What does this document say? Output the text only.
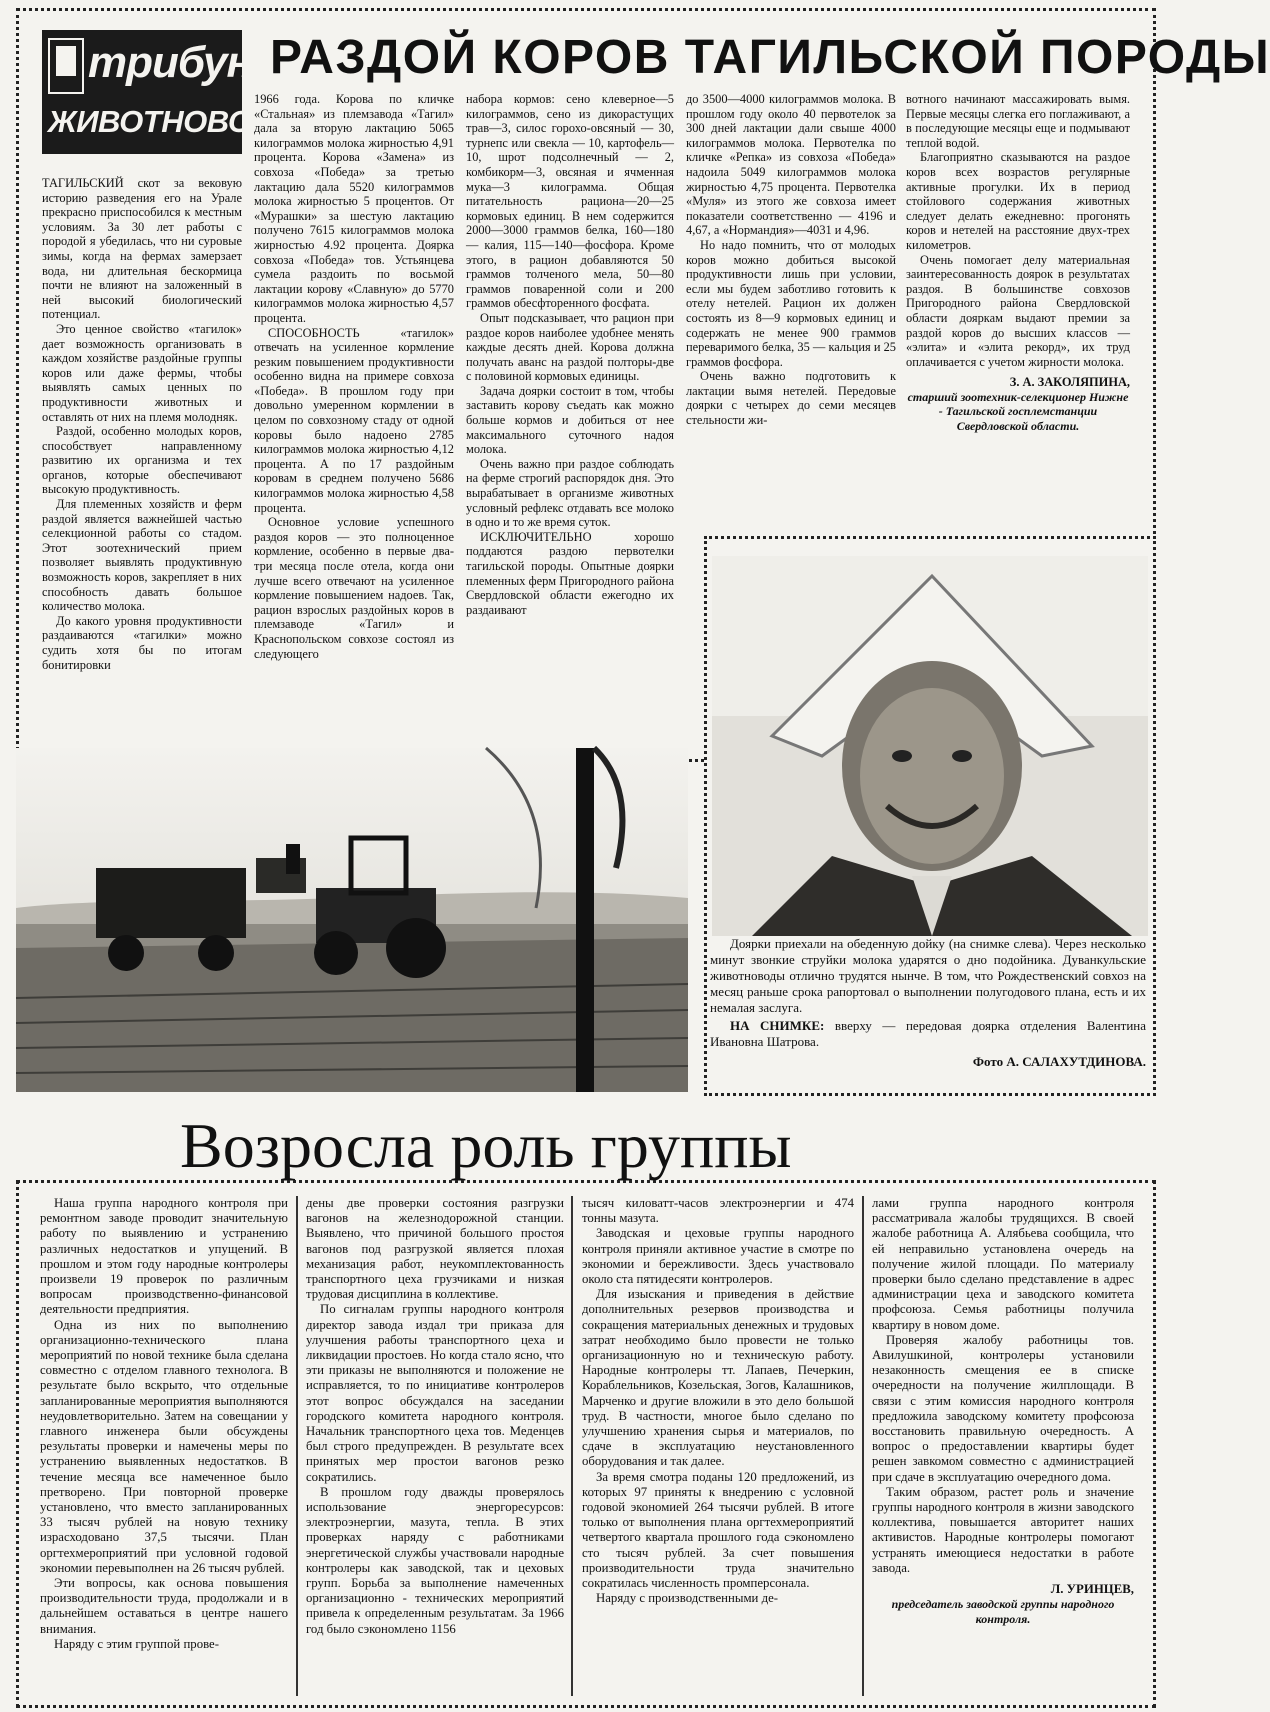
трибуна
ЖИВОТНОВОДА
РАЗДОЙ КОРОВ ТАГИЛЬСКОЙ ПОРОДЫ

ТАГИЛЬСКИЙ скот за вековую историю разведения его на Урале прекрасно приспособился к местным условиям. За 30 лет работы с породой я убедилась, что ни суровые зимы, когда на фермах замерзает вода, ни длительная бескормица почти не влияют на заложенный в ней высокий биологический потенциал.

Это ценное свойство «тагилок» дает возможность организовать в каждом хозяйстве раздойные группы коров или даже фермы, чтобы выявлять самых ценных по продуктивности животных и оставлять от них на племя молодняк.

Раздой, особенно молодых коров, способствует направленному развитию их организма и тех органов, которые обеспечивают высокую продуктивность.

Для племенных хозяйств и ферм раздой является важнейшей частью селекционной работы со стадом. Этот зоотехнический прием позволяет выявлять продуктивную возможность коров, закрепляет в них способность давать большое количество молока.

До какого уровня продуктивности раздаиваются «тагилки» можно судить хотя бы по итогам бонитировки

1966 года. Корова по кличке «Стальная» из племзавода «Тагил» дала за вторую лактацию 5065 килограммов молока жирностью 4,91 процента. Корова «Замена» из совхоза «Победа» за третью лактацию дала 5520 килограммов молока жирностью 5 процентов. От «Мурашки» за шестую лактацию получено 7615 килограммов молока жирностью 4.92 процента. Доярка совхоза «Победа» тов. Устьянцева сумела раздоить по восьмой лактации корову «Славную» до 5770 килограммов молока жирностью 4,57 процента.

СПОСОБНОСТЬ «тагилок» отвечать на усиленное кормление резким повышением продуктивности особенно видна на примере совхоза «Победа». В прошлом году при довольно умеренном кормлении в целом по совхозному стаду от одной коровы было надоено 2785 килограммов молока жирностью 4,12 процента. А по 17 раздойным коровам в среднем получено 5686 килограммов молока жирностью 4,58 процента.

Основное условие успешного раздоя коров — это полноценное кормление, особенно в первые два-три месяца после отела, когда они лучше всего отвечают на усиленное кормление повышением надоев. Так, рацион взрослых раздойных коров в племзаводе «Тагил» и Краснопольском совхозе состоял из следующего

набора кормов: сено клеверное—5 килограммов, сено из дикорастущих трав—3, силос горохо-овсяный — 30, турнепс или свекла — 10, картофель—10, шрот подсолнечный — 2, комбикорм—3, овсяная и ячменная мука—3 килограмма. Общая питательность рациона—20—25 кормовых единиц. В нем содержится 2000—3000 граммов белка, 160—180 — калия, 115—140—фосфора. Кроме этого, в рацион добавляются 50 граммов толченого мела, 50—80 граммов поваренной соли и 200 граммов обесфторенного фосфата.

Опыт подсказывает, что рацион при раздое коров наиболее удобнее менять каждые десять дней. Корова должна получать аванс на раздой полторы-две с половиной кормовых единицы.

Задача доярки состоит в том, чтобы заставить корову съедать как можно больше кормов и добиться от нее максимального суточного надоя молока.

Очень важно при раздое соблюдать на ферме строгий распорядок дня. Это вырабатывает в организме животных условный рефлекс отдавать все молоко в одно и то же время суток.

ИСКЛЮЧИТЕЛЬНО хорошо поддаются раздою первотелки тагильской породы. Опытные доярки племенных ферм Пригородного района Свердловской области ежегодно их раздаивают

до 3500—4000 килограммов молока. В прошлом году около 40 первотелок за 300 дней лактации дали свыше 4000 килограммов молока. Первотелка по кличке «Репка» из совхоза «Победа» надоила 5049 килограммов молока жирностью 4,75 процента. Первотелка «Муля» из этого же совхоза имеет показатели соответственно — 4196 и 4,67, а «Нормандия»—4031 и 4,96.

Но надо помнить, что от молодых коров можно добиться высокой продуктивности лишь при условии, если мы будем заботливо готовить к отелу нетелей. Рацион их должен состоять из 8—9 кормовых единиц и содержать не менее 900 граммов переваримого белка, 35 — кальция и 25 граммов фосфора.

Очень важно подготовить к лактации вымя нетелей. Передовые доярки с четырех до семи месяцев стельности жи-

вотного начинают массажировать вымя. Первые месяцы слегка его поглаживают, а в последующие месяцы еще и подмывают теплой водой.

Благоприятно сказываются на раздое коров всех возрастов регулярные активные прогулки. Их в период стойлового содержания животных следует делать ежедневно: прогонять коров и нетелей на расстояние двух-трех километров.

Очень помогает делу материальная заинтересованность доярок в результатах раздоя. В большинстве совхозов Пригородного района Свердловской области дояркам выдают премии за раздой коров до высших классов — «элита» и «элита рекорд», их труд оплачивается с учетом жирности молока.

З. А. ЗАКОЛЯПИНА,

старший зоотехник-селекционер Нижне - Тагильской госплемстанции Свердловской области.

Доярки приехали на обеденную дойку (на снимке слева). Через несколько минут звонкие струйки молока ударятся о дно подойника. Дуванкульские животноводы отлично трудятся нынче. В том, что Рождественский совхоз на месяц раньше срока рапортовал о выполнении полугодового плана, есть и их немалая заслуга.

НА СНИМКЕ: вверху — передовая доярка отделения Валентина Ивановна Шатрова.

Фото А. САЛАХУТДИНОВА.

Возросла роль группы

Наша группа народного контроля при ремонтном заводе проводит значительную работу по выявлению и устранению различных недостатков и упущений. В прошлом и этом году народные контролеры произвели 19 проверок по различным вопросам производственно-финансовой деятельности предприятия.

Одна из них по выполнению организационно-технического плана мероприятий по новой технике была сделана совместно с отделом главного технолога. В результате было вскрыто, что отдельные запланированные мероприятия выполняются неудовлетворительно. Затем на совещании у главного инженера были обсуждены результаты проверки и намечены меры по устранению выявленных недостатков. В течение месяца все намеченное было претворено. При повторной проверке установлено, что вместо запланированных 33 тысяч рублей на новую технику израсходовано 37,5 тысячи. План оргтехмероприятий при условной годовой экономии перевыполнен на 26 тысяч рублей.

Эти вопросы, как основа повышения производительности труда, продолжали и в дальнейшем оставаться в центре нашего внимания.

Наряду с этим группой прове-

дены две проверки состояния разгрузки вагонов на железнодорожной станции. Выявлено, что причиной большого простоя вагонов под разгрузкой является плохая механизация работ, неукомплектованность транспортного цеха грузчиками и низкая трудовая дисциплина в коллективе.

По сигналам группы народного контроля директор завода издал три приказа для улучшения работы транспортного цеха и ликвидации простоев. Но когда стало ясно, что эти приказы не выполняются и положение не исправляется, то по инициативе контролеров этот вопрос обсуждался на заседании городского комитета народного контроля. Начальник транспортного цеха тов. Меденцев был строго предупрежден. В результате всех принятых мер простои вагонов резко сократились.

В прошлом году дважды проверялось использование энергоресурсов: электроэнергии, мазута, тепла. В этих проверках наряду с работниками энергетической службы участвовали народные контролеры как заводской, так и цеховых групп. Борьба за выполнение намеченных организационно - технических мероприятий привела к определенным результатам. За 1966 год было сэкономлено 1156

тысяч киловатт-часов электроэнергии и 474 тонны мазута.

Заводская и цеховые группы народного контроля приняли активное участие в смотре по экономии и бережливости. Здесь участвовало около ста пятидесяти контролеров.

Для изыскания и приведения в действие дополнительных резервов производства и сокращения материальных денежных и трудовых затрат необходимо было провести не только организационную но и техническую работу. Народные контролеры тт. Лапаев, Печеркин, Кораблельников, Козельская, Зогов, Калашников, Марченко и другие вложили в это дело большой труд. В частности, многое было сделано по улучшению хранения сырья и материалов, по сдаче в эксплуатацию неустановленного оборудования и так далее.

За время смотра поданы 120 предложений, из которых 97 приняты к внедрению с условной годовой экономией 264 тысячи рублей. В итоге только от выполнения плана оргтехмероприятий четвертого квартала прошлого года сэкономлено сто тысяч рублей. За счет повышения производительности труда значительно сократилась численность промперсонала.

Наряду с производственными де-

лами группа народного контроля рассматривала жалобы трудящихся. В своей жалобе работница А. Алябьева сообщила, что ей неправильно установлена очередь на получение жилой площади. По материалу проверки было сделано представление в адрес администрации цеха и заводского комитета профсоюза. Семья работницы получила квартиру в новом доме.

Проверяя жалобу работницы тов. Авилушкиной, контролеры установили незаконность смещения ее в списке очередности на получение жилплощади. В связи с этим комиссия народного контроля предложила заводскому комитету профсоюза восстановить правильную очередность. А вопрос о предоставлении квартиры будет решен завкомом совместно с администрацией при сдаче в эксплуатацию очередного дома.

Таким образом, растет роль и значение группы народного контроля в жизни заводского коллектива, повышается авторитет наших активистов. Народные контролеры помогают устранять имеющиеся недостатки в работе завода.

Л. УРИНЦЕВ,

председатель заводской группы народного контроля.
